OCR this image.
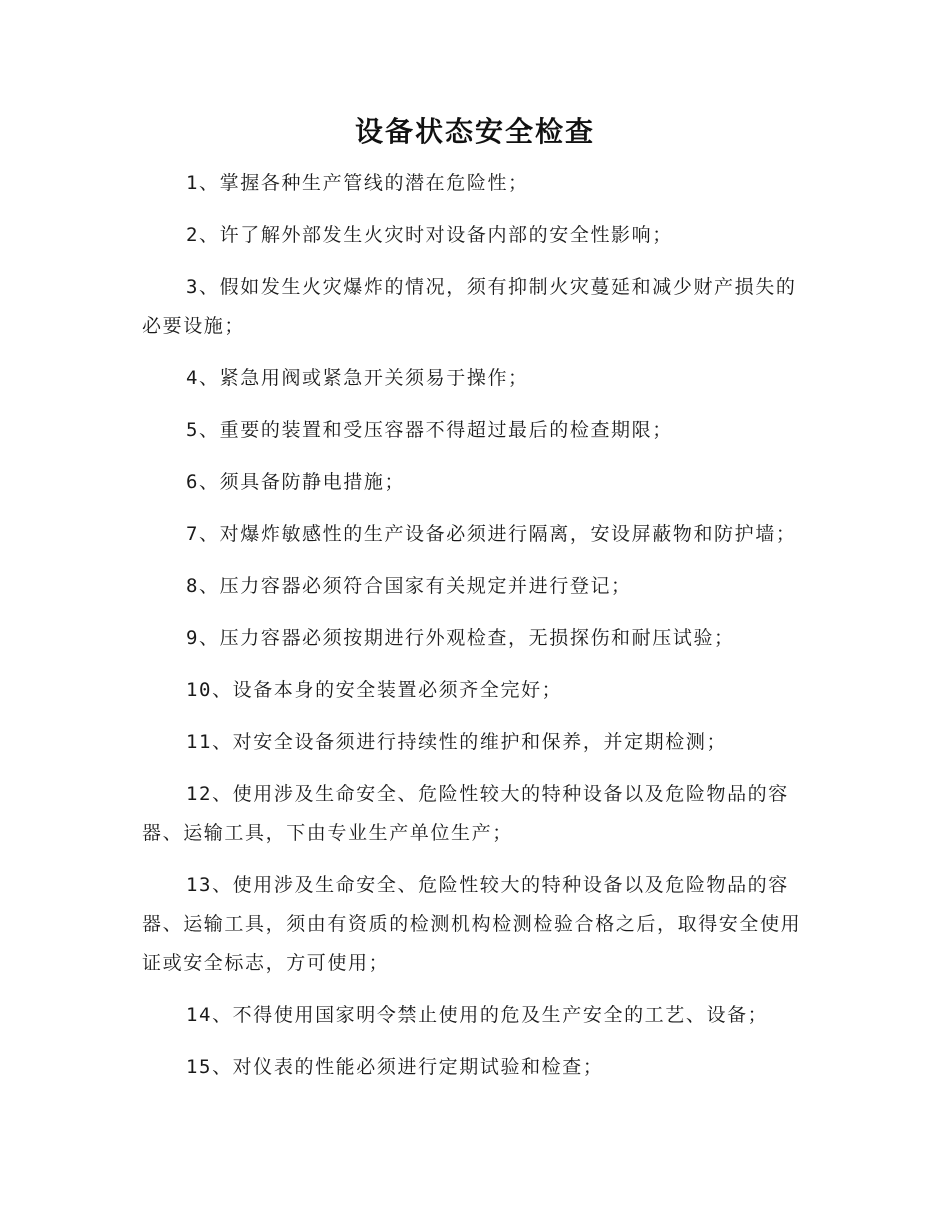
设备状态安全检查

1、掌握各种生产管线的潜在危险性；

2、许了解外部发生火灾时对设备内部的安全性影响；

3、假如发生火灾爆炸的情况，须有抑制火灾蔓延和减少财产损失的必要设施；

4、紧急用阀或紧急开关须易于操作；

5、重要的装置和受压容器不得超过最后的检查期限；

6、须具备防静电措施；

7、对爆炸敏感性的生产设备必须进行隔离，安设屏蔽物和防护墙；

8、压力容器必须符合国家有关规定并进行登记；

9、压力容器必须按期进行外观检查，无损探伤和耐压试验；

10、设备本身的安全装置必须齐全完好；

11、对安全设备须进行持续性的维护和保养，并定期检测；

12、使用涉及生命安全、危险性较大的特种设备以及危险物品的容器、运输工具，下由专业生产单位生产；

13、使用涉及生命安全、危险性较大的特种设备以及危险物品的容器、运输工具，须由有资质的检测机构检测检验合格之后，取得安全使用证或安全标志，方可使用；

14、不得使用国家明令禁止使用的危及生产安全的工艺、设备；

15、对仪表的性能必须进行定期试验和检查；
